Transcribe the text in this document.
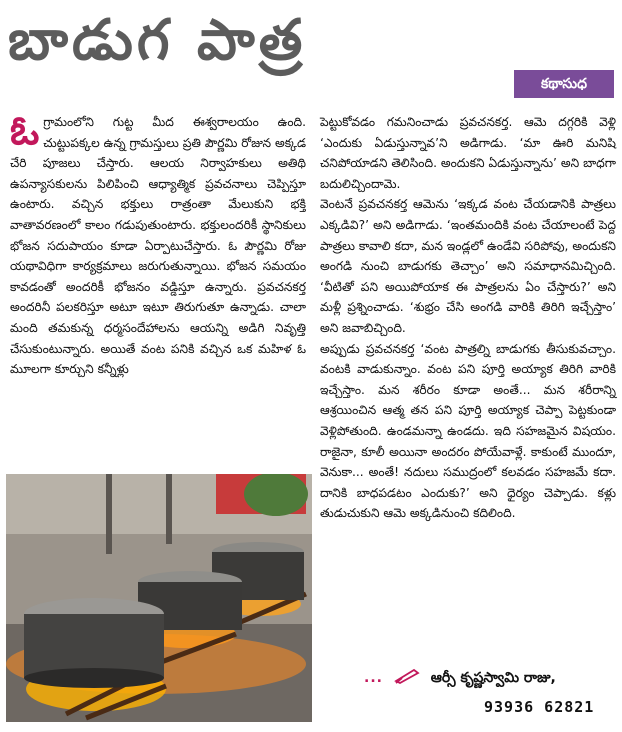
బాడుగ పాత్ర
కథాసుధ
ఓ గ్రామంలోని గుట్ట మీద ఈశ్వరాలయం ఉంది. చుట్టుపక్కల ఉన్న గ్రామస్తులు ప్రతి పౌర్ణమి రోజున అక్కడ చేరి పూజలు చేస్తారు. ఆలయ నిర్వాహకులు అతిథి ఉపన్యాసకులను పిలిపించి ఆధ్యాత్మిక ప్రవచనాలు చెప్పిస్తూ ఉంటారు. వచ్చిన భక్తులు రాత్రంతా మేలుకుని భక్తి వాతావరణంలో కాలం గడుపుతుంటారు. భక్తులందరికీ స్థానికులు భోజన సదుపాయం కూడా ఏర్పాటుచేస్తారు. ఓ పౌర్ణమి రోజు యథావిధిగా కార్యక్రమాలు జరుగుతున్నాయి. భోజన సమయం కావడంతో అందరికీ భోజనం వడ్డిస్తూ ఉన్నారు. ప్రవచనకర్త అందరినీ పలకరిస్తూ అటూ ఇటూ తిరుగుతూ ఉన్నాడు. చాలా మంది తమకున్న ధర్మసందేహాలను ఆయన్ని అడిగి నివృత్తి చేసుకుంటున్నారు. అయితే వంట పనికి వచ్చిన ఒక మహిళ ఓ మూలగా కూర్చుని కన్నీళ్లు

పెట్టుకోవడం గమనించాడు ప్రవచనకర్త. ఆమె దగ్గరికి వెళ్లి ‘ఎందుకు ఏడుస్తున్నావ’ని అడిగాడు. ‘మా ఊరి మనిషి చనిపోయాడని తెలిసింది. అందుకని ఏడుస్తున్నాను’ అని బాధగా బదులిచ్చిందామె.

వెంటనే ప్రవచనకర్త ఆమెను ‘ఇక్కడ వంట చేయడానికి పాత్రలు ఎక్కడివి?’ అని అడిగాడు. ‘ఇంతమందికి వంట చేయాలంటే పెద్ద పాత్రలు కావాలి కదా, మన ఇండ్లలో ఉండేవి సరిపోవు, అందుకని అంగడి నుంచి బాడుగకు తెచ్చాం’ అని సమాధానమిచ్చింది. ‘వీటితో పని అయిపోయాక ఈ పాత్రలను ఏం చేస్తారు?’ అని మళ్లీ ప్రశ్నించాడు. ‘శుభ్రం చేసి అంగడి వారికి తిరిగి ఇచ్చేస్తాం’ అని జవాబిచ్చింది.

అప్పుడు ప్రవచనకర్త ‘వంట పాత్రల్ని బాడుగకు తీసుకువచ్చాం. వంటకి వాడుకున్నాం. వంట పని పూర్తి అయ్యాక తిరిగి వారికి ఇచ్చేస్తాం. మన శరీరం కూడా అంతే... మన శరీరాన్ని ఆశ్రయించిన ఆత్మ తన పని పూర్తి అయ్యాక చెప్పా పెట్టకుండా వెళ్లిపోతుంది. ఉండమన్నా ఉండదు. ఇది సహజమైన విషయం. రాజైనా, కూలీ అయినా అందరం పోయేవాళ్లే. కాకుంటే ముందూ, వెనుకా... అంతే! నదులు సముద్రంలో కలవడం సహజమే కదా. దానికి బాధపడటం ఎందుకు?’ అని ధైర్యం చెప్పాడు. కళ్లు తుడుచుకుని ఆమె అక్కడినుంచి కదిలింది.

...	ఆర్సీ కృష్ణస్వామి రాజు,
93936 62821
